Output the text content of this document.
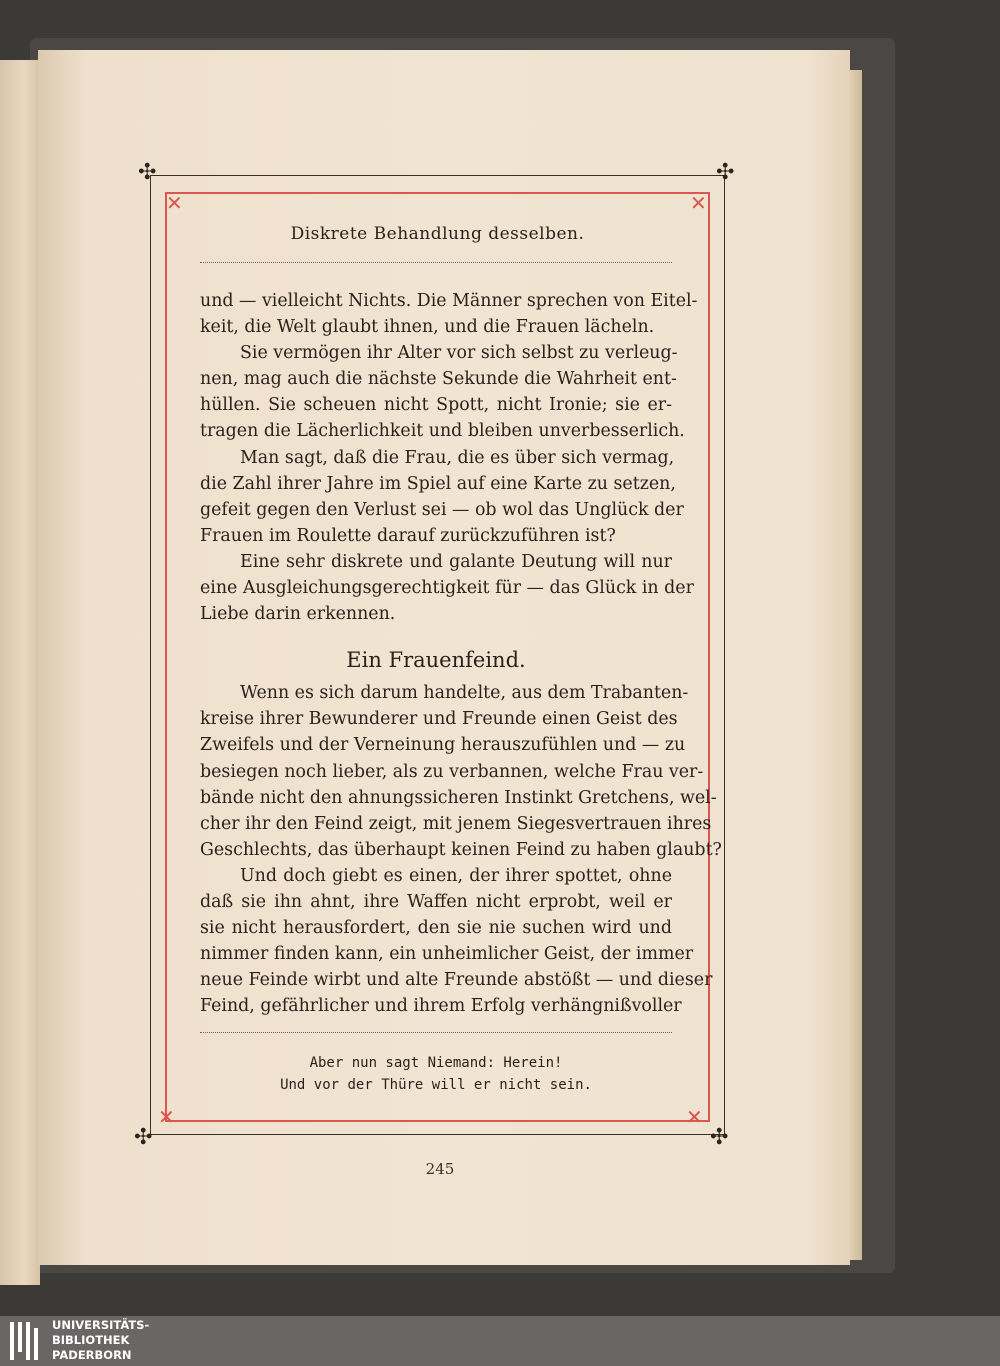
✣	✣
✣	✣
✕	✕
✕	✕
Diskrete Behandlung desselben.
und — vielleicht Nichts. Die Männer sprechen von Eitel-
keit, die Welt glaubt ihnen, und die Frauen lächeln.
Sie vermögen ihr Alter vor sich selbst zu verleug-
nen, mag auch die nächste Sekunde die Wahrheit ent-
hüllen. Sie scheuen nicht Spott, nicht Ironie; sie er-
tragen die Lächerlichkeit und bleiben unverbesserlich.
Man sagt, daß die Frau, die es über sich vermag,
die Zahl ihrer Jahre im Spiel auf eine Karte zu setzen,
gefeit gegen den Verlust sei — ob wol das Unglück der
Frauen im Roulette darauf zurückzuführen ist?
Eine sehr diskrete und galante Deutung will nur
eine Ausgleichungsgerechtigkeit für — das Glück in der
Liebe darin erkennen.
Ein Frauenfeind.
Wenn es sich darum handelte, aus dem Trabanten-
kreise ihrer Bewunderer und Freunde einen Geist des
Zweifels und der Verneinung herauszufühlen und — zu
besiegen noch lieber, als zu verbannen, welche Frau ver-
bände nicht den ahnungssicheren Instinkt Gretchens, wel-
cher ihr den Feind zeigt, mit jenem Siegesvertrauen ihres
Geschlechts, das überhaupt keinen Feind zu haben glaubt?
Und doch giebt es einen, der ihrer spottet, ohne
daß sie ihn ahnt, ihre Waffen nicht erprobt, weil er
sie nicht herausfordert, den sie nie suchen wird und
nimmer finden kann, ein unheimlicher Geist, der immer
neue Feinde wirbt und alte Freunde abstößt — und dieser
Feind, gefährlicher und ihrem Erfolg verhängnißvoller
Aber nun sagt Niemand: Herein!
Und vor der Thüre will er nicht sein.
245
UNIVERSITÄTS-
BIBLIOTHEK
PADERBORN
